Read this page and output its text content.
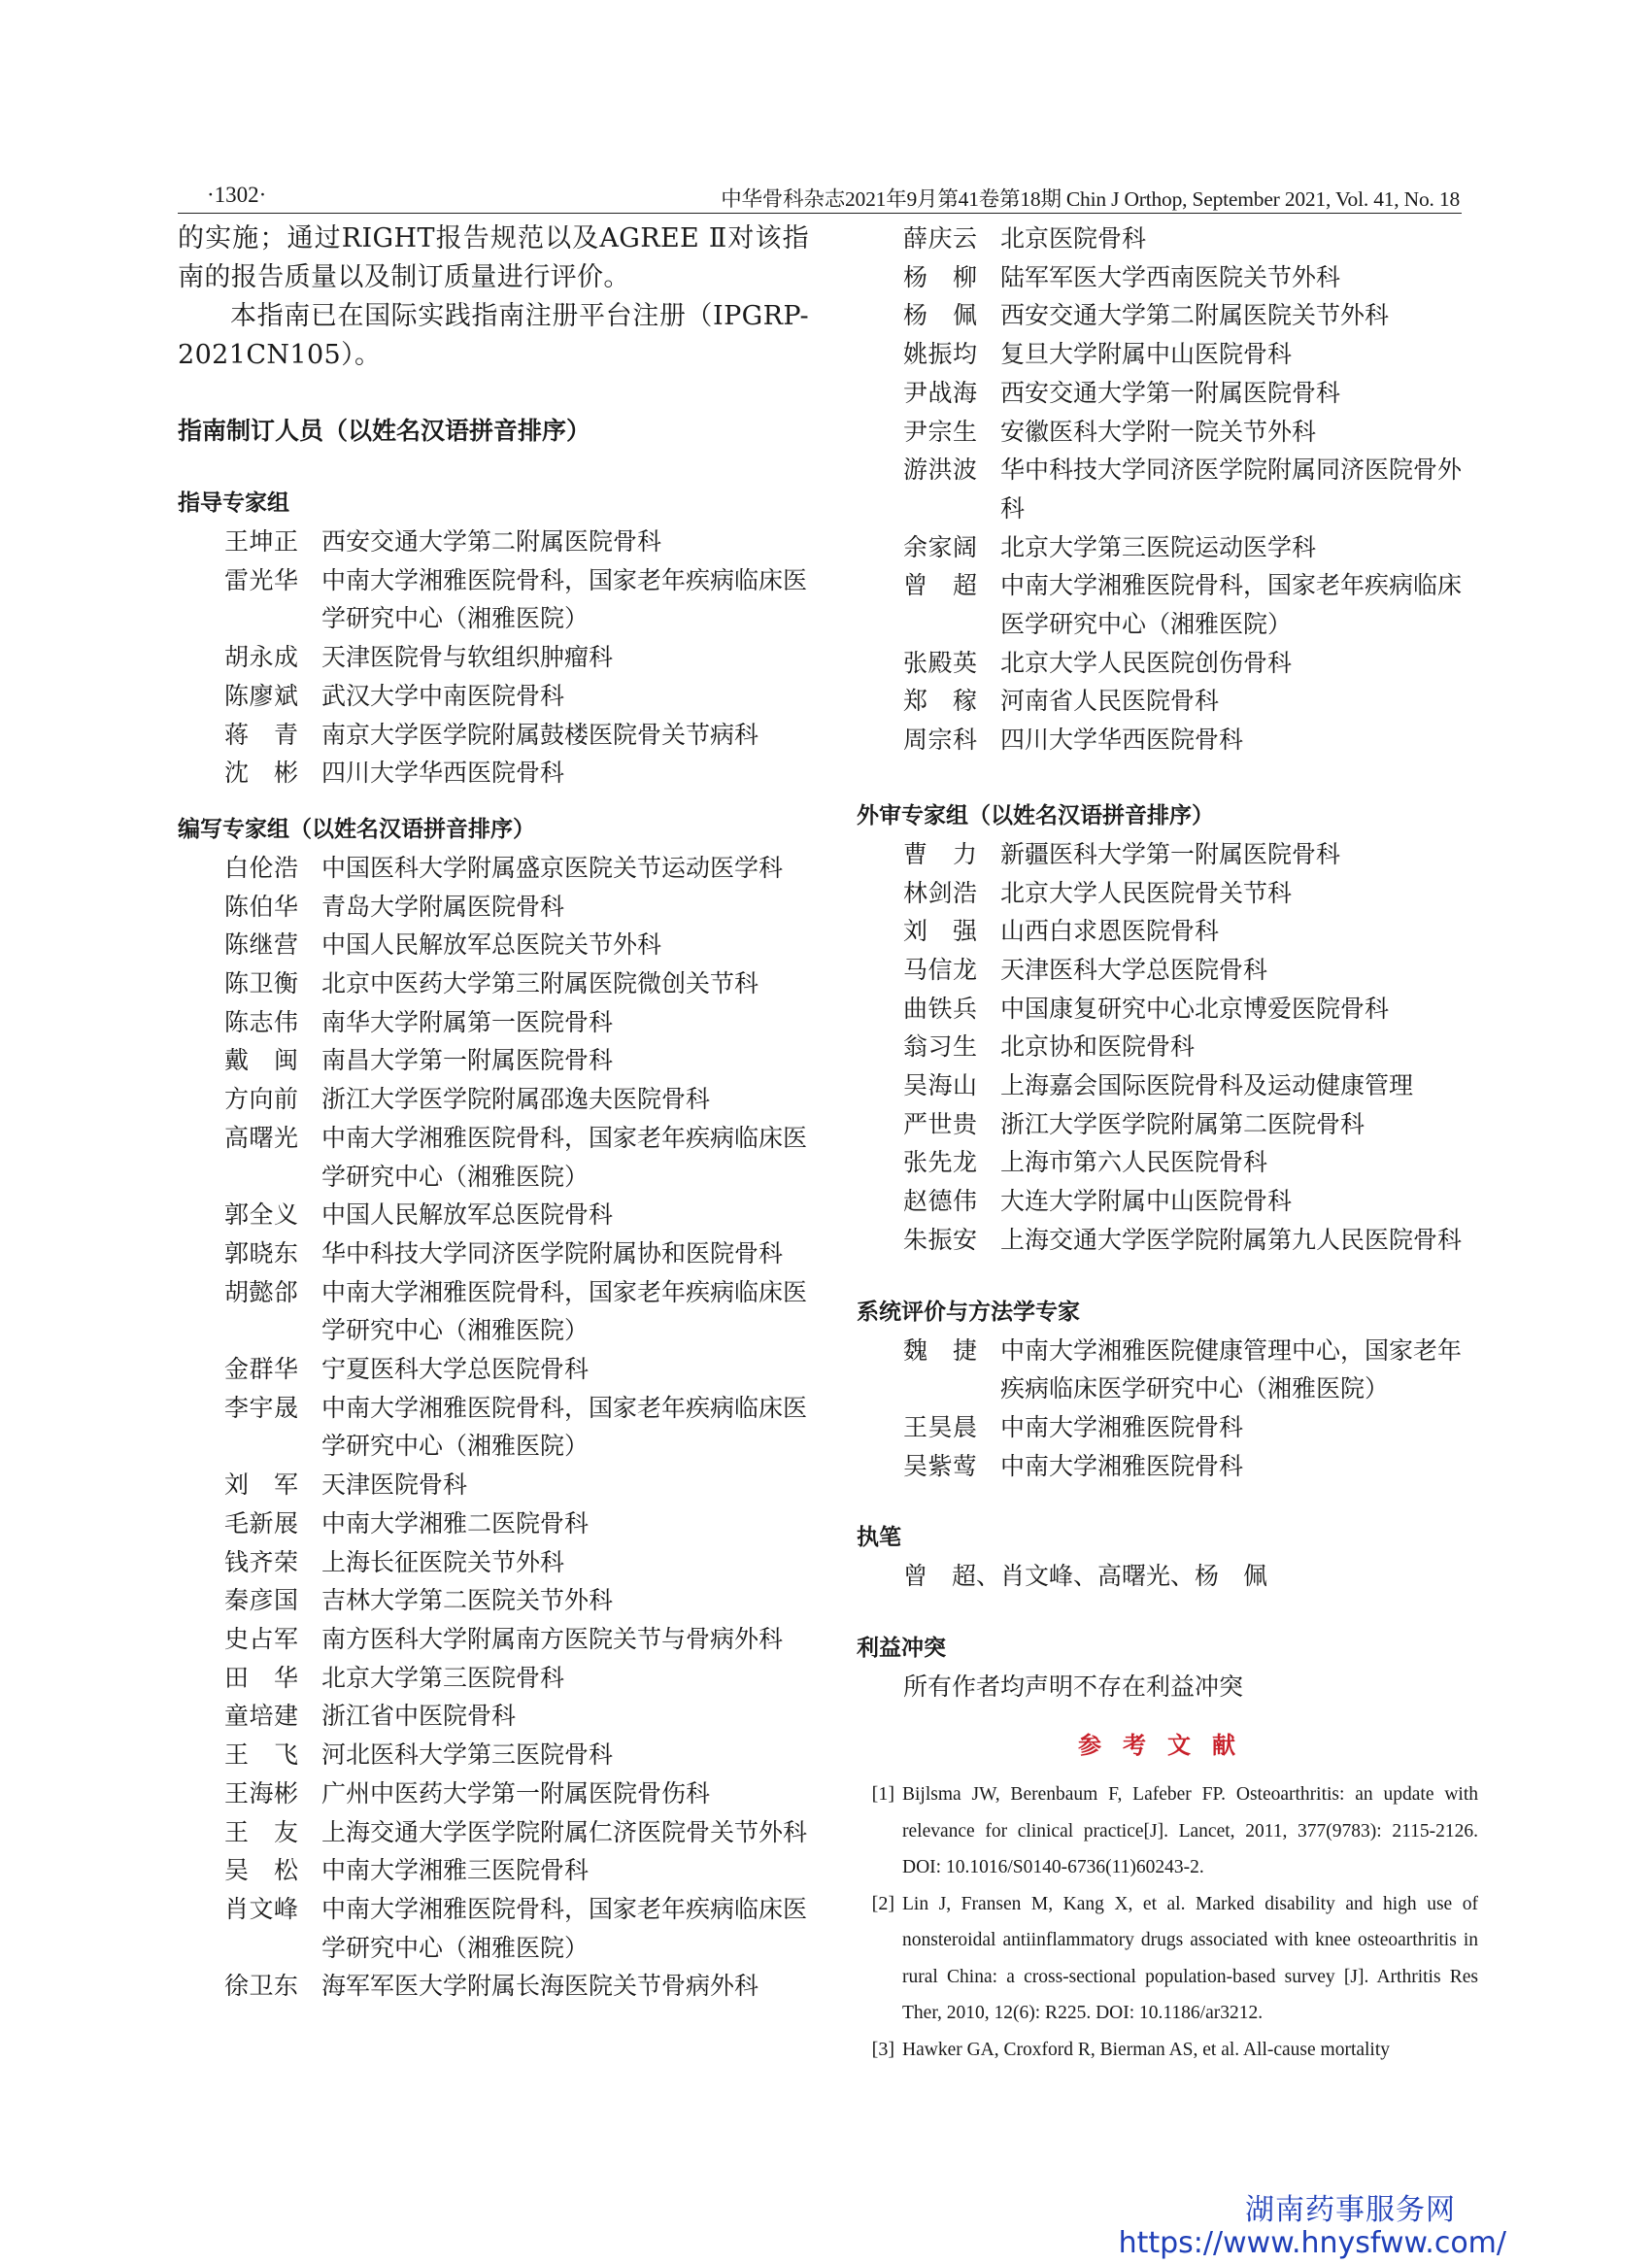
·1302·	中华骨科杂志2021年9月第41卷第18期 Chin J Orthop, September 2021, Vol. 41, No. 18

的实施；通过RIGHT报告规范以及AGREE Ⅱ对该指南的报告质量以及制订质量进行评价。

本指南已在国际实践指南注册平台注册（IPGRP-2021CN105）。

指南制订人员（以姓名汉语拼音排序）
指导专家组
王坤正 西安交通大学第二附属医院骨科
雷光华 中南大学湘雅医院骨科，国家老年疾病临床医学研究中心（湘雅医院）
胡永成 天津医院骨与软组织肿瘤科
陈廖斌 武汉大学中南医院骨科
蒋　青 南京大学医学院附属鼓楼医院骨关节病科
沈　彬 四川大学华西医院骨科
编写专家组（以姓名汉语拼音排序）
白伦浩 中国医科大学附属盛京医院关节运动医学科
陈伯华 青岛大学附属医院骨科
陈继营 中国人民解放军总医院关节外科
陈卫衡 北京中医药大学第三附属医院微创关节科
陈志伟 南华大学附属第一医院骨科
戴　闽 南昌大学第一附属医院骨科
方向前 浙江大学医学院附属邵逸夫医院骨科
高曙光 中南大学湘雅医院骨科，国家老年疾病临床医学研究中心（湘雅医院）
郭全义 中国人民解放军总医院骨科
郭晓东 华中科技大学同济医学院附属协和医院骨科
胡懿郃 中南大学湘雅医院骨科，国家老年疾病临床医学研究中心（湘雅医院）
金群华 宁夏医科大学总医院骨科
李宇晟 中南大学湘雅医院骨科，国家老年疾病临床医学研究中心（湘雅医院）
刘　军 天津医院骨科
毛新展 中南大学湘雅二医院骨科
钱齐荣 上海长征医院关节外科
秦彦国 吉林大学第二医院关节外科
史占军 南方医科大学附属南方医院关节与骨病外科
田　华 北京大学第三医院骨科
童培建 浙江省中医院骨科
王　飞 河北医科大学第三医院骨科
王海彬 广州中医药大学第一附属医院骨伤科
王　友 上海交通大学医学院附属仁济医院骨关节外科
吴　松 中南大学湘雅三医院骨科
肖文峰 中南大学湘雅医院骨科，国家老年疾病临床医学研究中心（湘雅医院）
徐卫东 海军军医大学附属长海医院关节骨病外科
薛庆云 北京医院骨科
杨　柳 陆军军医大学西南医院关节外科
杨　佩 西安交通大学第二附属医院关节外科
姚振均 复旦大学附属中山医院骨科
尹战海 西安交通大学第一附属医院骨科
尹宗生 安徽医科大学附一院关节外科
游洪波 华中科技大学同济医学院附属同济医院骨外科
余家阔 北京大学第三医院运动医学科
曾　超 中南大学湘雅医院骨科，国家老年疾病临床医学研究中心（湘雅医院）
张殿英 北京大学人民医院创伤骨科
郑　稼 河南省人民医院骨科
周宗科 四川大学华西医院骨科
外审专家组（以姓名汉语拼音排序）
曹　力 新疆医科大学第一附属医院骨科
林剑浩 北京大学人民医院骨关节科
刘　强 山西白求恩医院骨科
马信龙 天津医科大学总医院骨科
曲铁兵 中国康复研究中心北京博爱医院骨科
翁习生 北京协和医院骨科
吴海山 上海嘉会国际医院骨科及运动健康管理
严世贵 浙江大学医学院附属第二医院骨科
张先龙 上海市第六人民医院骨科
赵德伟 大连大学附属中山医院骨科
朱振安 上海交通大学医学院附属第九人民医院骨科
系统评价与方法学专家
魏　捷 中南大学湘雅医院健康管理中心，国家老年疾病临床医学研究中心（湘雅医院）
王昊晨 中南大学湘雅医院骨科
吴紫莺 中南大学湘雅医院骨科
执笔
曾　超、肖文峰、高曙光、杨　佩
利益冲突
所有作者均声明不存在利益冲突
参考文献
[1] Bijlsma JW, Berenbaum F, Lafeber FP. Osteoarthritis: an update with relevance for clinical practice[J]. Lancet, 2011, 377(9783): 2115-2126. DOI: 10.1016/S0140-6736(11)60243-2.
[2] Lin J, Fransen M, Kang X, et al. Marked disability and high use of nonsteroidal antiinflammatory drugs associated with knee osteoarthritis in rural China: a cross-sectional population-based survey [J]. Arthritis Res Ther, 2010, 12(6): R225. DOI: 10.1186/ar3212.
[3] Hawker GA, Croxford R, Bierman AS, et al. All-cause mortality
湖南药事服务网
https://www.hnysfww.com/
